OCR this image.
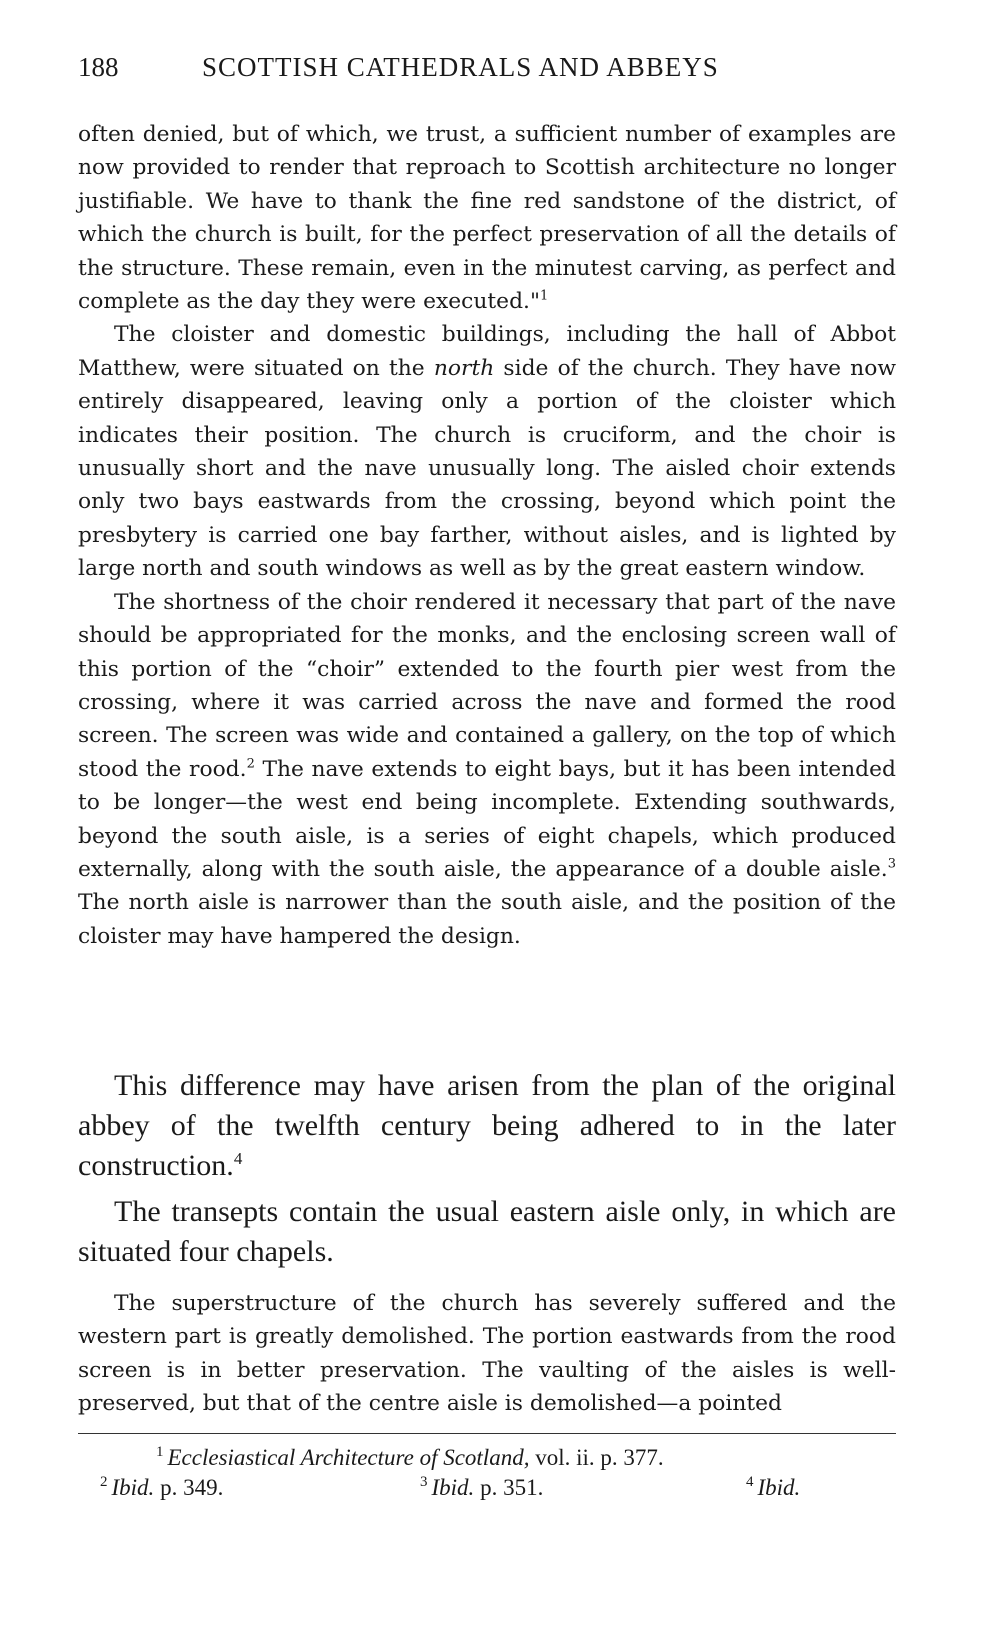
188	SCOTTISH CATHEDRALS AND ABBEYS

often denied, but of which, we trust, a sufficient number of examples are now provided to render that reproach to Scottish architecture no longer justifiable. We have to thank the fine red sandstone of the district, of which the church is built, for the perfect preservation of all the details of the structure. These remain, even in the minutest carving, as perfect and complete as the day they were executed."$^1$

The cloister and domestic buildings, including the hall of Abbot Matthew, were situated on the north side of the church. They have now entirely disappeared, leaving only a portion of the cloister which indicates their position. The church is cruciform, and the choir is unusually short and the nave unusually long. The aisled choir extends only two bays eastwards from the crossing, beyond which point the presbytery is carried one bay farther, without aisles, and is lighted by large north and south windows as well as by the great eastern window.

The shortness of the choir rendered it necessary that part of the nave should be appropriated for the monks, and the enclosing screen wall of this portion of the “choir” extended to the fourth pier west from the crossing, where it was carried across the nave and formed the rood screen. The screen was wide and contained a gallery, on the top of which stood the rood.$^2$ The nave extends to eight bays, but it has been intended to be longer—the west end being incomplete. Extending southwards, beyond the south aisle, is a series of eight chapels, which produced externally, along with the south aisle, the appearance of a double aisle.$^3$ The north aisle is narrower than the south aisle, and the position of the cloister may have hampered the design.

This difference may have arisen from the plan of the original abbey of the twelfth century being adhered to in the later construction.$^4$

The transepts contain the usual eastern aisle only, in which are situated four chapels.

The superstructure of the church has severely suffered and the western part is greatly demolished. The portion eastwards from the rood screen is in better preservation. The vaulting of the aisles is well-preserved, but that of the centre aisle is demolished—a pointed

$^1$ Ecclesiastical Architecture of Scotland, vol. ii. p. 377.
$^2$ Ibid. p. 349.	$^3$ Ibid. p. 351.	$^4$ Ibid.
